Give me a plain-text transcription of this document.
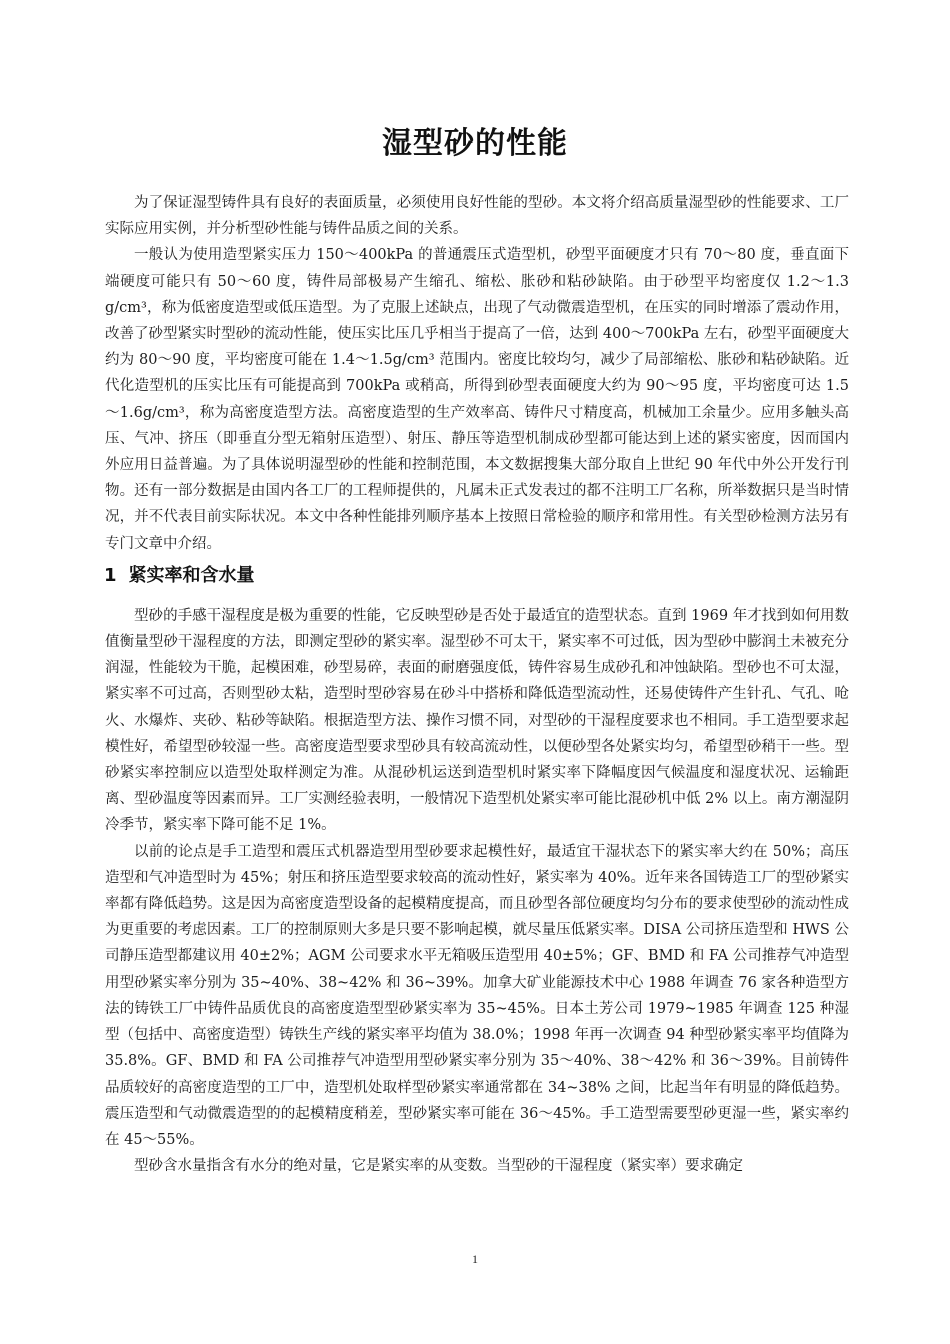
湿型砂的性能

为了保证湿型铸件具有良好的表面质量，必须使用良好性能的型砂。本文将介绍高质量湿型砂的性能要求、工厂实际应用实例，并分析型砂性能与铸件品质之间的关系。

一般认为使用造型紧实压力 150～400kPa 的普通震压式造型机，砂型平面硬度才只有 70～80 度，垂直面下端硬度可能只有 50～60 度，铸件局部极易产生缩孔、缩松、胀砂和粘砂缺陷。由于砂型平均密度仅 1.2～1.3 g/cm³，称为低密度造型或低压造型。为了克服上述缺点，出现了气动微震造型机，在压实的同时增添了震动作用，改善了砂型紧实时型砂的流动性能，使压实比压几乎相当于提高了一倍，达到 400～700kPa 左右，砂型平面硬度大约为 80～90 度，平均密度可能在 1.4～1.5g/cm³ 范围内。密度比较均匀，减少了局部缩松、胀砂和粘砂缺陷。近代化造型机的压实比压有可能提高到 700kPa 或稍高，所得到砂型表面硬度大约为 90～95 度，平均密度可达 1.5～1.6g/cm³，称为高密度造型方法。高密度造型的生产效率高、铸件尺寸精度高，机械加工余量少。应用多触头高压、气冲、挤压（即垂直分型无箱射压造型）、射压、静压等造型机制成砂型都可能达到上述的紧实密度，因而国内外应用日益普遍。为了具体说明湿型砂的性能和控制范围，本文数据搜集大部分取自上世纪 90 年代中外公开发行刊物。还有一部分数据是由国内各工厂的工程师提供的，凡属未正式发表过的都不注明工厂名称，所举数据只是当时情况，并不代表目前实际状况。本文中各种性能排列顺序基本上按照日常检验的顺序和常用性。有关型砂检测方法另有专门文章中介绍。

1 紧实率和含水量

型砂的手感干湿程度是极为重要的性能，它反映型砂是否处于最适宜的造型状态。直到 1969 年才找到如何用数值衡量型砂干湿程度的方法，即测定型砂的紧实率。湿型砂不可太干，紧实率不可过低，因为型砂中膨润土未被充分润湿，性能较为干脆，起模困难，砂型易碎，表面的耐磨强度低，铸件容易生成砂孔和冲蚀缺陷。型砂也不可太湿，紧实率不可过高，否则型砂太粘，造型时型砂容易在砂斗中搭桥和降低造型流动性，还易使铸件产生针孔、气孔、呛火、水爆炸、夹砂、粘砂等缺陷。根据造型方法、操作习惯不同，对型砂的干湿程度要求也不相同。手工造型要求起模性好，希望型砂较湿一些。高密度造型要求型砂具有较高流动性，以便砂型各处紧实均匀，希望型砂稍干一些。型砂紧实率控制应以造型处取样测定为准。从混砂机运送到造型机时紧实率下降幅度因气候温度和湿度状况、运输距离、型砂温度等因素而异。工厂实测经验表明，一般情况下造型机处紧实率可能比混砂机中低 2% 以上。南方潮湿阴冷季节，紧实率下降可能不足 1%。

以前的论点是手工造型和震压式机器造型用型砂要求起模性好，最适宜干湿状态下的紧实率大约在 50%；高压造型和气冲造型时为 45%；射压和挤压造型要求较高的流动性好，紧实率为 40%。近年来各国铸造工厂的型砂紧实率都有降低趋势。这是因为高密度造型设备的起模精度提高，而且砂型各部位硬度均匀分布的要求使型砂的流动性成为更重要的考虑因素。工厂的控制原则大多是只要不影响起模，就尽量压低紧实率。DISA 公司挤压造型和 HWS 公司静压造型都建议用 40±2%；AGM 公司要求水平无箱吸压造型用 40±5%；GF、BMD 和 FA 公司推荐气冲造型用型砂紧实率分别为 35~40%、38~42% 和 36~39%。加拿大矿业能源技术中心 1988 年调查 76 家各种造型方法的铸铁工厂中铸件品质优良的高密度造型型砂紧实率为 35~45%。日本土芳公司 1979~1985 年调查 125 种湿型（包括中、高密度造型）铸铁生产线的紧实率平均值为 38.0%；1998 年再一次调查 94 种型砂紧实率平均值降为 35.8%。GF、BMD 和 FA 公司推荐气冲造型用型砂紧实率分别为 35～40%、38～42% 和 36～39%。目前铸件品质较好的高密度造型的工厂中，造型机处取样型砂紧实率通常都在 34~38% 之间，比起当年有明显的降低趋势。震压造型和气动微震造型的的起模精度稍差，型砂紧实率可能在 36～45%。手工造型需要型砂更湿一些，紧实率约在 45～55%。

型砂含水量指含有水分的绝对量，它是紧实率的从变数。当型砂的干湿程度（紧实率）要求确定

1
